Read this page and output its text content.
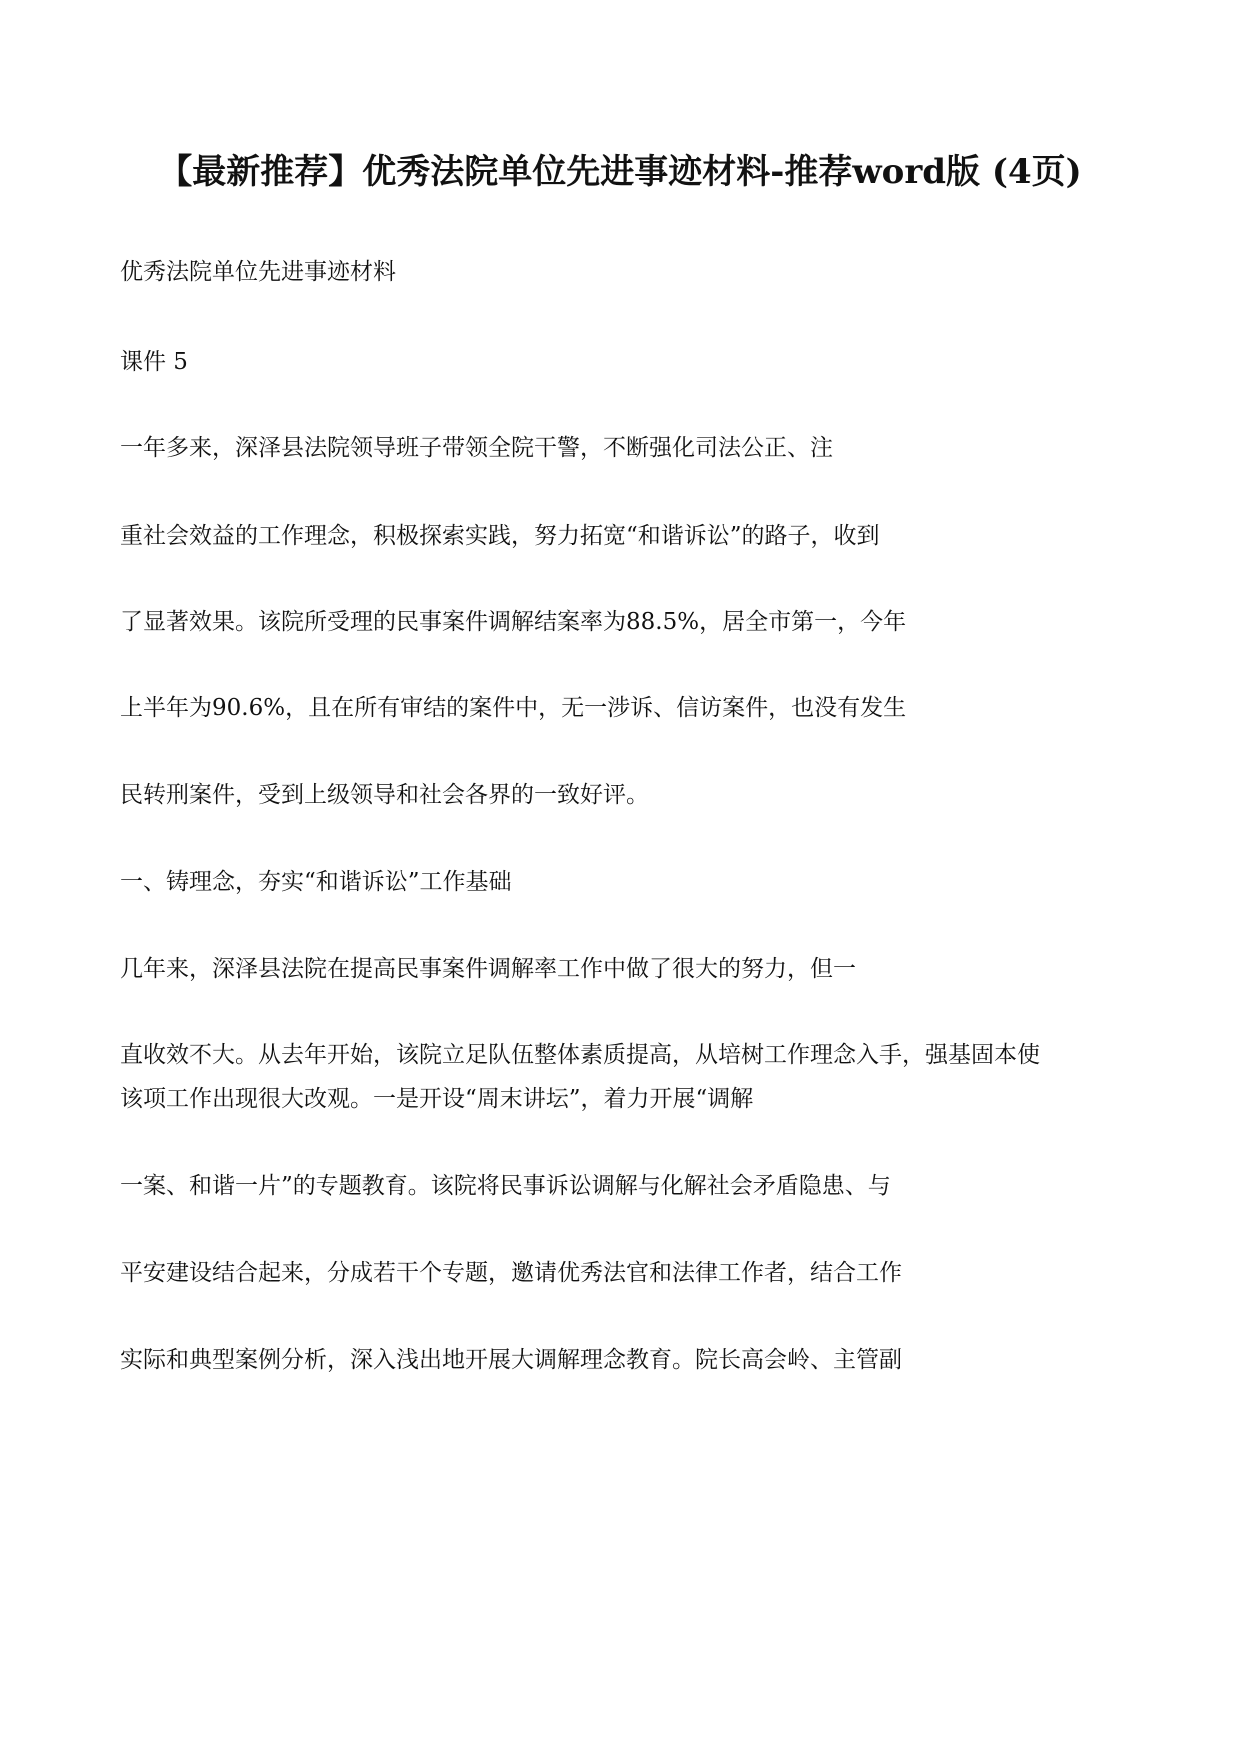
【最新推荐】优秀法院单位先进事迹材料-推荐word版 (4页)

优秀法院单位先进事迹材料

课件 5

一年多来，深泽县法院领导班子带领全院干警，不断强化司法公正、注

重社会效益的工作理念，积极探索实践，努力拓宽“和谐诉讼”的路子，收到

了显著效果。该院所受理的民事案件调解结案率为88.5%，居全市第一，今年

上半年为90.6%，且在所有审结的案件中，无一涉诉、信访案件，也没有发生

民转刑案件，受到上级领导和社会各界的一致好评。

一、铸理念，夯实“和谐诉讼”工作基础

几年来，深泽县法院在提高民事案件调解率工作中做了很大的努力，但一

直收效不大。从去年开始，该院立足队伍整体素质提高，从培树工作理念入手，强基固本使

该项工作出现很大改观。一是开设“周末讲坛”，着力开展“调解

一案、和谐一片”的专题教育。该院将民事诉讼调解与化解社会矛盾隐患、与

平安建设结合起来，分成若干个专题，邀请优秀法官和法律工作者，结合工作

实际和典型案例分析，深入浅出地开展大调解理念教育。院长高会岭、主管副
